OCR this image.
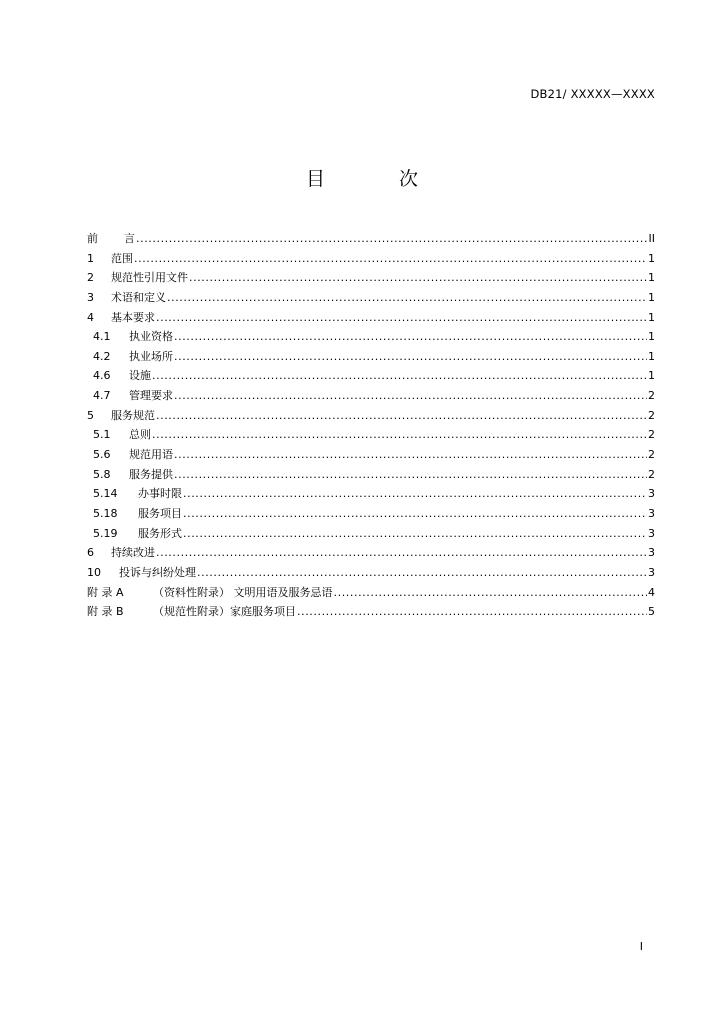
DB21/ XXXXX—XXXX
目 次
前	言 .....	II
1	范围 .....	1
2	规范性引用文件 .....	1
3	术语和定义 .....	1
4	基本要求 .....	1
4.1	执业资格 .....	1
4.2	执业场所 .....	1
4.6	设施 .....	1
4.7	管理要求 .....	2
5	服务规范 .....	2
5.1	总则 .....	2
5.6	规范用语 .....	2
5.8	服务提供 .....	2
5.14	办事时限 .....	3
5.18	服务项目 .....	3
5.19	服务形式 .....	3
6	持续改进 .....	3
10	投诉与纠纷处理 .....	3
附 录 A	（资料性附录） 文明用语及服务忌语 .....	4
附 录 B	（规范性附录）家庭服务项目 .....	5
I
